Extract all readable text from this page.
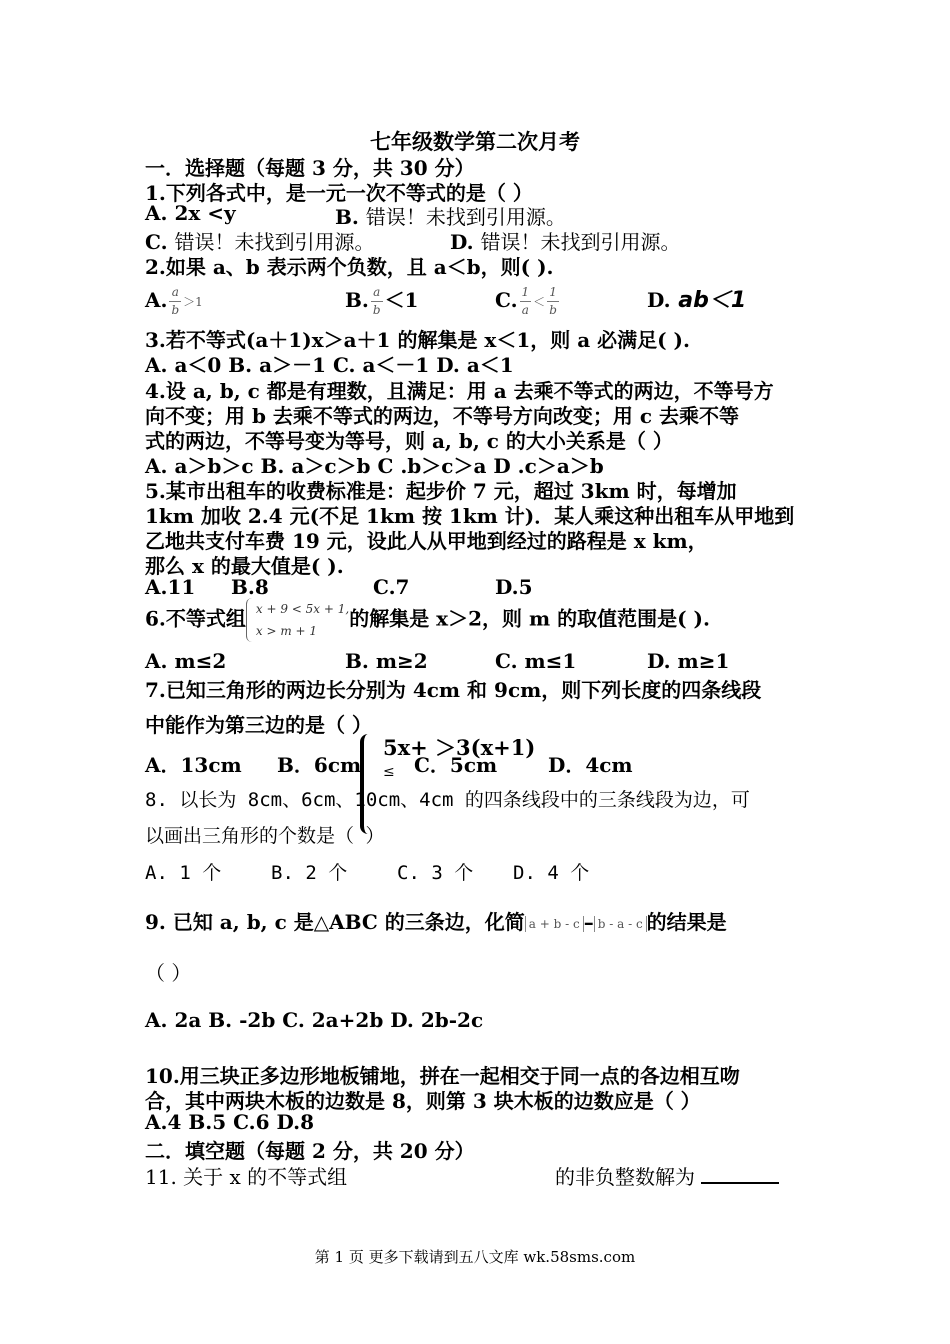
七年级数学第二次月考
一．选择题（每题 3 分，共 30 分）
1.下列各式中，是一元一次不等式的是（ ）
A. 2x <y	B. 错误！未找到引用源。
C. 错误！未找到引用源。	D. 错误！未找到引用源。
2.如果 a、b 表示两个负数，且 a＜b，则( ).
A. $\frac{a}{b} >1$	B. $\frac{a}{b} <1$	C. $\frac{1}{a} < \frac{1}{b}$	D. ab＜1
3.若不等式(a＋1)x＞a＋1 的解集是 x＜1，则 a 必满足( ).
A. a＜0 B. a＞－1 C. a＜－1 D. a＜1
4.设 a, b, c 都是有理数，且满足：用 a 去乘不等式的两边，不等号方
向不变；用 b 去乘不等式的两边，不等号方向改变；用 c 去乘不等
式的两边，不等号变为等号，则 a, b, c 的大小关系是（ ）
A. a＞b＞c B. a＞c＞b C .b＞c＞a D .c＞a＞b
5.某市出租车的收费标准是：起步价 7 元，超过 3km 时，每增加
1km 加收 2.4 元(不足 1km 按 1km 计)．某人乘这种出租车从甲地到
乙地共支付车费 19 元，设此人从甲地到经过的路程是 x km，
那么 x 的最大值是( ).
A.11 B.8	C.7	D.5
6.不等式组 x + 9 < 5x + 1,
x > m + 1
的解集是 x＞2，则 m 的取值范围是( ).
A. m≤2	B. m≥2	C. m≤1	D. m≥1
7.已知三角形的两边长分别为 4cm 和 9cm，则下列长度的四条线段
中能作为第三边的是（ ）
A．13cm B．6cm	C．5cm	D．4cm
5x+ ＞3(x+1)
≤
8. 以长为 8cm、6cm、10cm、4cm 的四条线段中的三条线段为边，可
以画出三角形的个数是（ ）
A. 1 个	B. 2 个	C. 3 个 D. 4 个
9. 已知 a, b, c 是△ABC 的三条边，化简 a + b - c – b - a - c 的结果是
（ ）
A. 2a B. -2b C. 2a+2b D. 2b-2c
10.用三块正多边形地板铺地，拼在一起相交于同一点的各边相互吻
合，其中两块木板的边数是 8，则第 3 块木板的边数应是（ ）
A.4 B.5 C.6 D.8
二．填空题（每题 2 分，共 20 分）
11. 关于 x 的不等式组	的非负整数解为
第 1 页 更多下载请到五八文库 wk.58sms.com
